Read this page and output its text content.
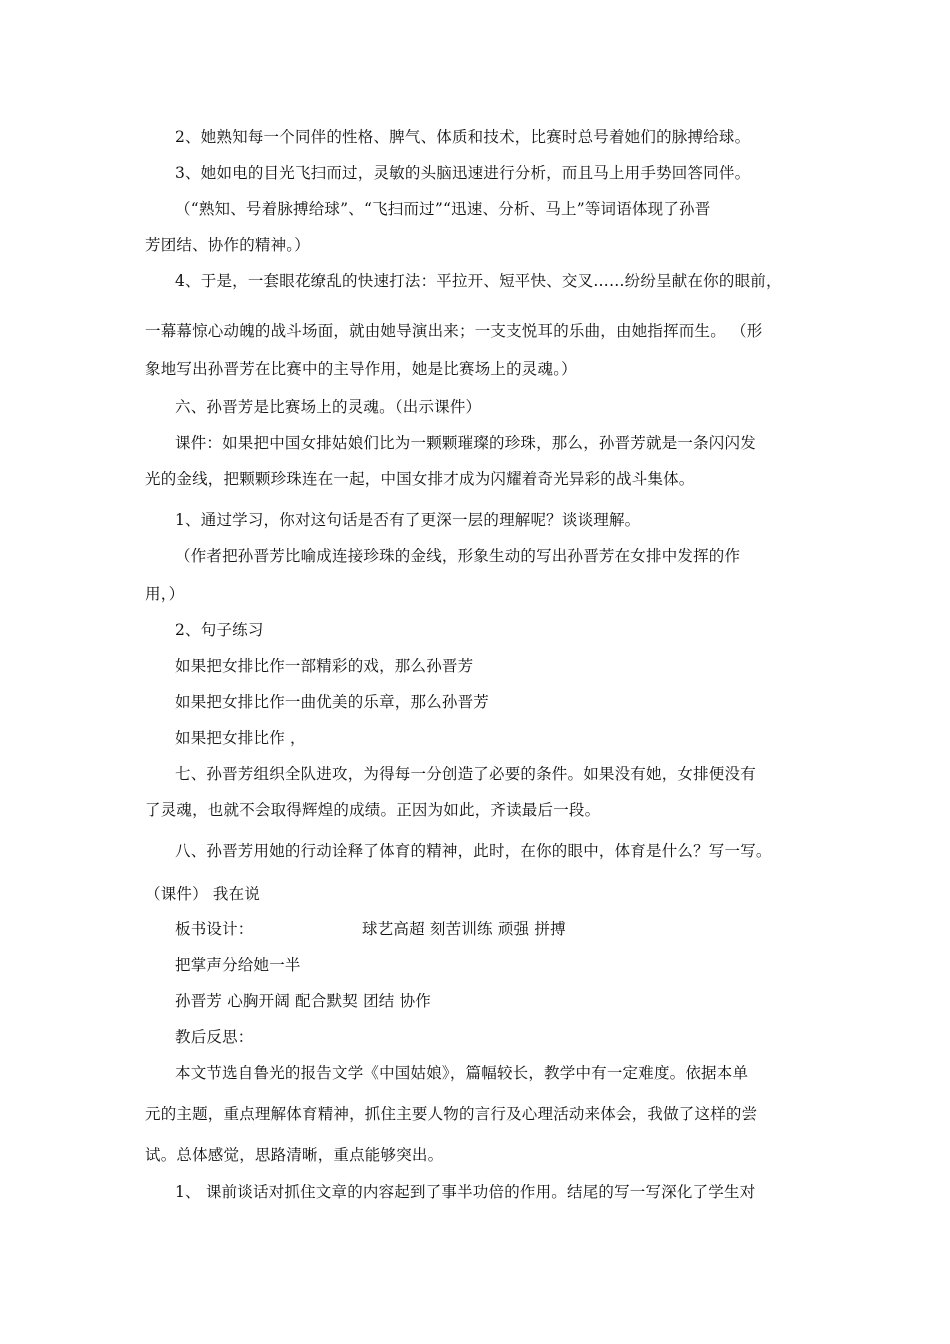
2、她熟知每一个同伴的性格、脾气、体质和技术，比赛时总号着她们的脉搏给球。
3、她如电的目光飞扫而过，灵敏的头脑迅速进行分析，而且马上用手势回答同伴。
（“熟知、号着脉搏给球”、“飞扫而过”“迅速、分析、马上”等词语体现了孙晋
芳团结、协作的精神。）
4、于是，一套眼花缭乱的快速打法：平拉开、短平快、交叉……纷纷呈献在你的眼前，
一幕幕惊心动魄的战斗场面，就由她导演出来；一支支悦耳的乐曲，由她指挥而生。 （形
象地写出孙晋芳在比赛中的主导作用，她是比赛场上的灵魂。）
六、孙晋芳是比赛场上的灵魂。（出示课件）
课件：如果把中国女排姑娘们比为一颗颗璀璨的珍珠，那么，孙晋芳就是一条闪闪发
光的金线，把颗颗珍珠连在一起，中国女排才成为闪耀着奇光异彩的战斗集体。
1、通过学习，你对这句话是否有了更深一层的理解呢？谈谈理解。
（作者把孙晋芳比喻成连接珍珠的金线，形象生动的写出孙晋芳在女排中发挥的作
用，）
2、句子练习
如果把女排比作一部精彩的戏，那么孙晋芳
如果把女排比作一曲优美的乐章，那么孙晋芳
如果把女排比作 ，
七、孙晋芳组织全队进攻，为得每一分创造了必要的条件。如果没有她，女排便没有
了灵魂，也就不会取得辉煌的成绩。正因为如此，齐读最后一段。
八、孙晋芳用她的行动诠释了体育的精神，此时，在你的眼中，体育是什么？写一写。
（课件） 我在说
板书设计：	球艺高超 刻苦训练 顽强 拼搏
把掌声分给她一半
孙晋芳 心胸开阔 配合默契 团结 协作
教后反思：
本文节选自鲁光的报告文学《中国姑娘》，篇幅较长，教学中有一定难度。依据本单
元的主题，重点理解体育精神，抓住主要人物的言行及心理活动来体会，我做了这样的尝
试。总体感觉，思路清晰，重点能够突出。
1、 课前谈话对抓住文章的内容起到了事半功倍的作用。结尾的写一写深化了学生对
